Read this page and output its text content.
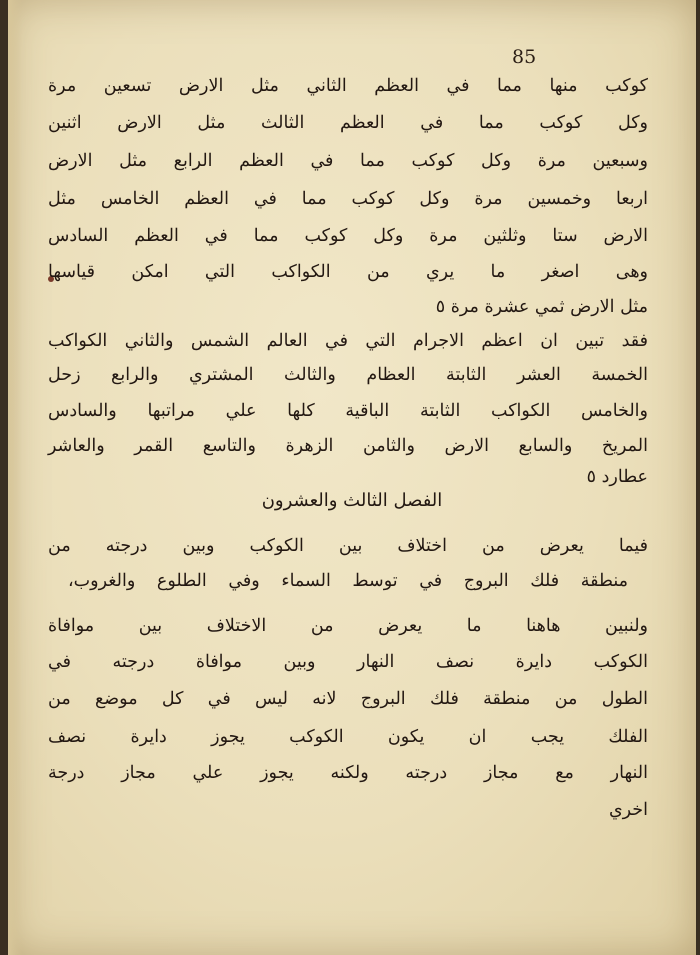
85
كوكب منها مما في العظم الثاني مثل الارض تسعين مرة
وكل كوكب مما في العظم الثالث مثل الارض اثنين
وسبعين مرة وكل كوكب مما في العظم الرابع مثل الارض
اربعا وخمسين مرة وكل كوكب مما في العظم الخامس مثل
الارض ستا وثلثين مرة وكل كوكب مما في العظم السادس
وهى اصغر ما يري من الكواكب التي امكن قياسها
مثل الارض ثمي عشرة مرة ٥
فقد تبين ان اعظم الاجرام التي في العالم الشمس والثاني الكواكب
الخمسة العشر الثابتة العظام والثالث المشتري والرابع زحل
والخامس الكواكب الثابتة الباقية كلها علي مراتبها والسادس
المريخ والسابع الارض والثامن الزهرة والتاسع القمر والعاشر
عطارد ٥
الفصل الثالث والعشرون
فيما يعرض من اختلاف بين الكوكب وبين درجته من
منطقة فلك البروج في توسط السماء وفي الطلوع والغروب،
ولنبين هاهنا ما يعرض من الاختلاف بين موافاة
الكوكب دايرة نصف النهار وبين موافاة درجته في
الطول من منطقة فلك البروج لانه ليس في كل موضع من
الفلك يجب ان يكون الكوكب يجوز دايرة نصف
النهار مع مجاز درجته ولكنه يجوز علي مجاز درجة
اخري
